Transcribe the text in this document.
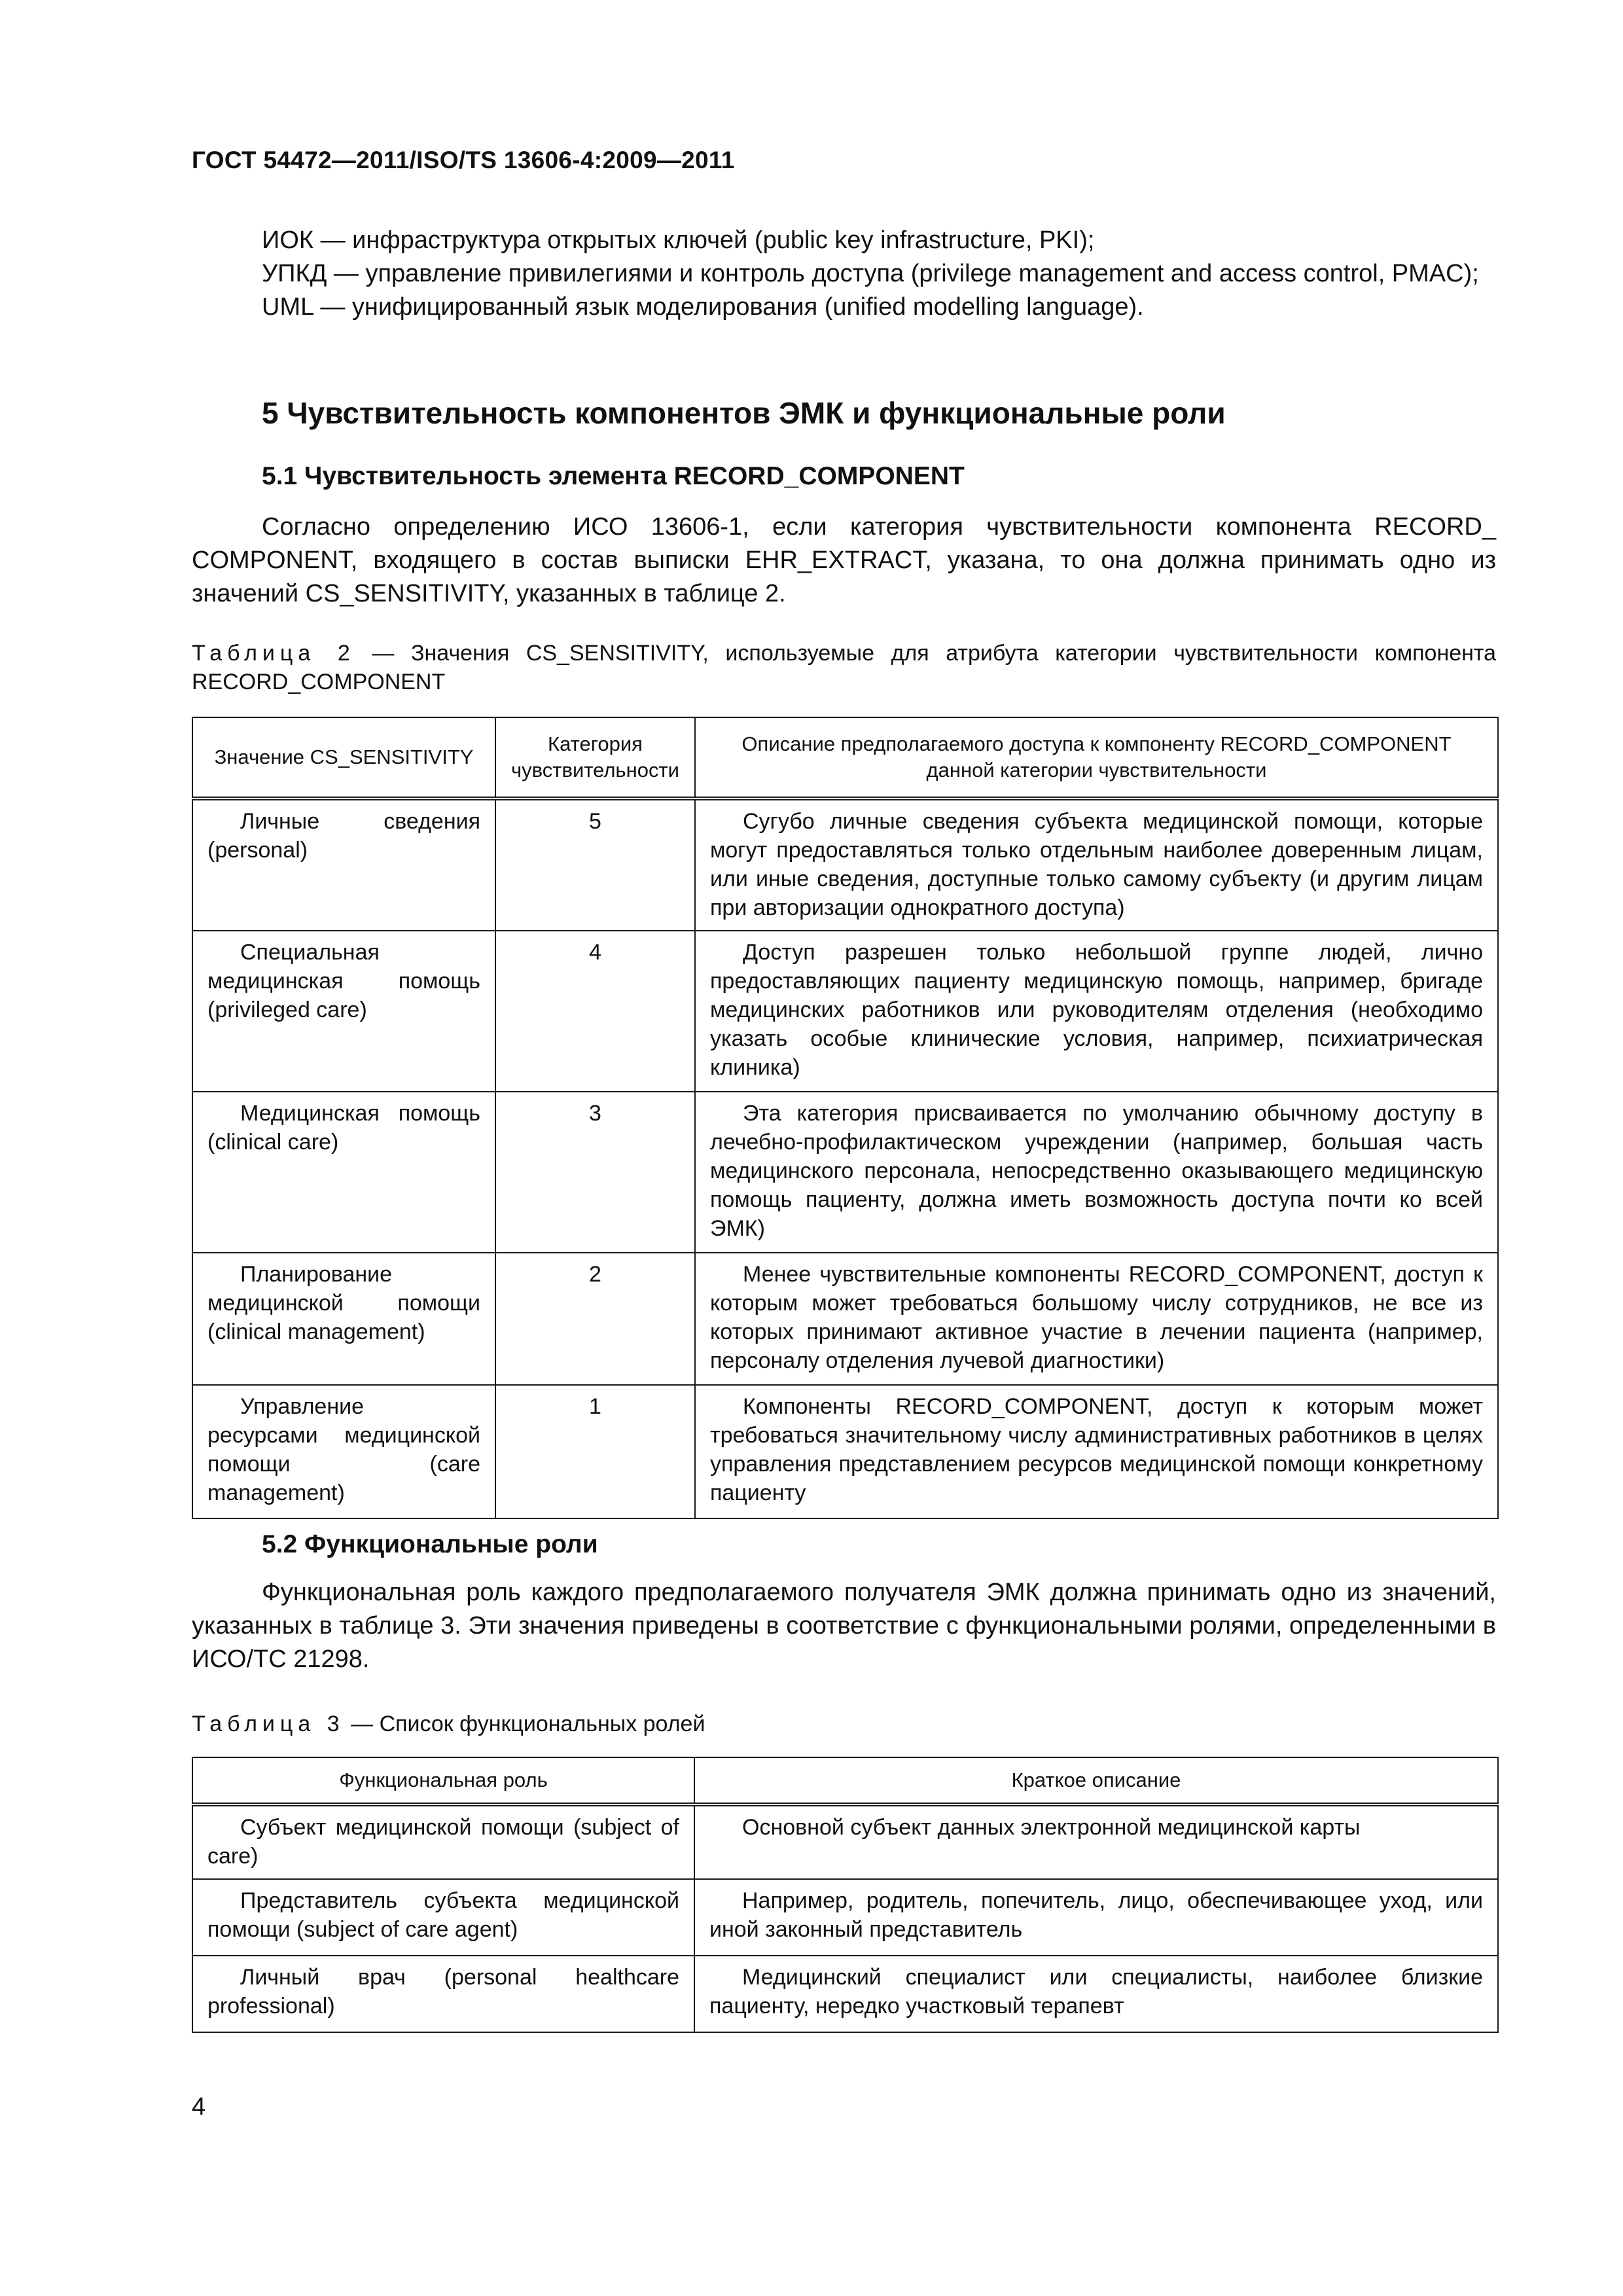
ГОСТ 54472—2011/ISO/TS 13606-4:2009—2011

ИОК — инфраструктура открытых ключей (public key infrastructure, PKI);

УПКД — управление привилегиями и контроль доступа (privilege management and access control, PMAC);

UML — унифицированный язык моделирования (unified modelling language).

5 Чувствительность компонентов ЭМК и функциональные роли
5.1 Чувствительность элемента RECORD_COMPONENT

Согласно определению ИСО 13606-1, если категория чувствительности компонента RECORD_ COMPONENT, входящего в состав выписки EHR_EXTRACT, указана, то она должна принимать одно из значений CS_SENSITIVITY, указанных в таблице 2.

Таблица 2 — Значения CS_SENSITIVITY, используемые для атрибута категории чувствительности компонента RECORD_COMPONENT
Значение CS_SENSITIVITY	Категория чувствительности	Описание предполагаемого доступа к компоненту RECORD_COMPONENT данной категории чувствительности
Личные сведения (personal)	5	Сугубо личные сведения субъекта медицинской помощи, которые могут предоставляться только отдельным наиболее доверенным лицам, или иные сведения, доступные только самому субъекту (и другим лицам при авторизации однократного доступа)
Специальная медицинская помощь (privileged care)	4	Доступ разрешен только небольшой группе людей, лично предоставляющих пациенту медицинскую помощь, например, бригаде медицинских работников или руководителям отделения (необходимо указать особые клинические условия, например, психиатрическая клиника)
Медицинская помощь (clinical care)	3	Эта категория присваивается по умолчанию обычному доступу в лечебно-профилактическом учреждении (например, большая часть медицинского персонала, непосредственно оказывающего медицинскую помощь пациенту, должна иметь возможность доступа почти ко всей ЭМК)
Планирование медицинской помощи (clinical management)	2	Менее чувствительные компоненты RECORD_COMPONENT, доступ к которым может требоваться большому числу сотрудников, не все из которых принимают активное участие в лечении пациента (например, персоналу отделения лучевой диагностики)
Управление ресурсами медицинской помощи (care management)	1	Компоненты RECORD_COMPONENT, доступ к которым может требоваться значительному числу административных работников в целях управления представлением ресурсов медицинской помощи конкретному пациенту
5.2 Функциональные роли

Функциональная роль каждого предполагаемого получателя ЭМК должна принимать одно из значений, указанных в таблице 3. Эти значения приведены в соответствие с функциональными ролями, определенными в ИСО/ТС 21298.

Таблица 3 — Список функциональных ролей
Функциональная роль	Краткое описание
Субъект медицинской помощи (subject of care)	Основной субъект данных электронной медицинской карты
Представитель субъекта медицинской помощи (subject of care agent)	Например, родитель, попечитель, лицо, обеспечивающее уход, или иной законный представитель
Личный врач (personal healthcare professional)	Медицинский специалист или специалисты, наиболее близкие пациенту, нередко участковый терапевт
4
